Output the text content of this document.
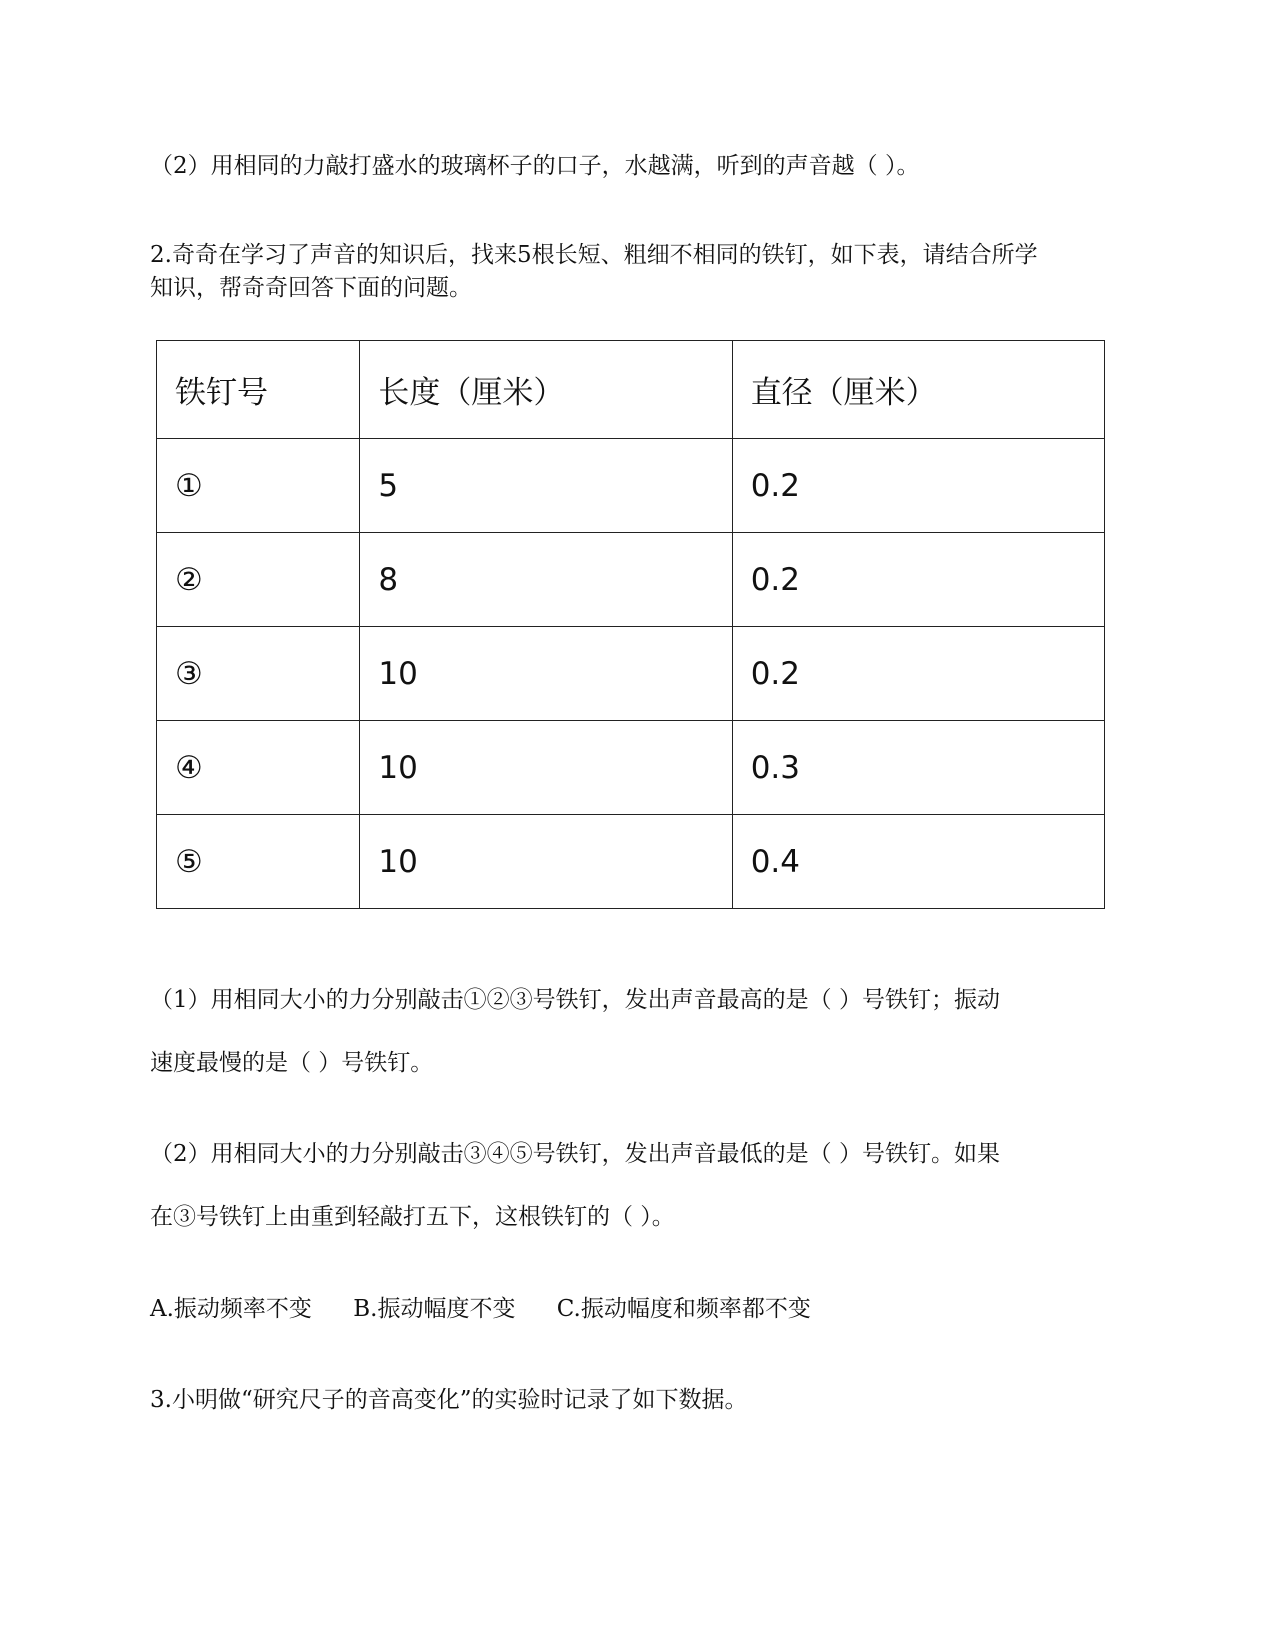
（2）用相同的力敲打盛水的玻璃杯子的口子，水越满，听到的声音越（ ）。
2.奇奇在学习了声音的知识后，找来5根长短、粗细不相同的铁钉，如下表，请结合所学
知识，帮奇奇回答下面的问题。
铁钉号	长度（厘米）	直径（厘米）
①	5	0.2
②	8	0.2
③	10	0.2
④	10	0.3
⑤	10	0.4
（1）用相同大小的力分别敲击①②③号铁钉，发出声音最高的是（ ）号铁钉；振动
速度最慢的是（ ）号铁钉。
（2）用相同大小的力分别敲击③④⑤号铁钉，发出声音最低的是（ ）号铁钉。如果
在③号铁钉上由重到轻敲打五下，这根铁钉的（ ）。
A.振动频率不变 B.振动幅度不变 C.振动幅度和频率都不变
3.小明做“研究尺子的音高变化”的实验时记录了如下数据。
